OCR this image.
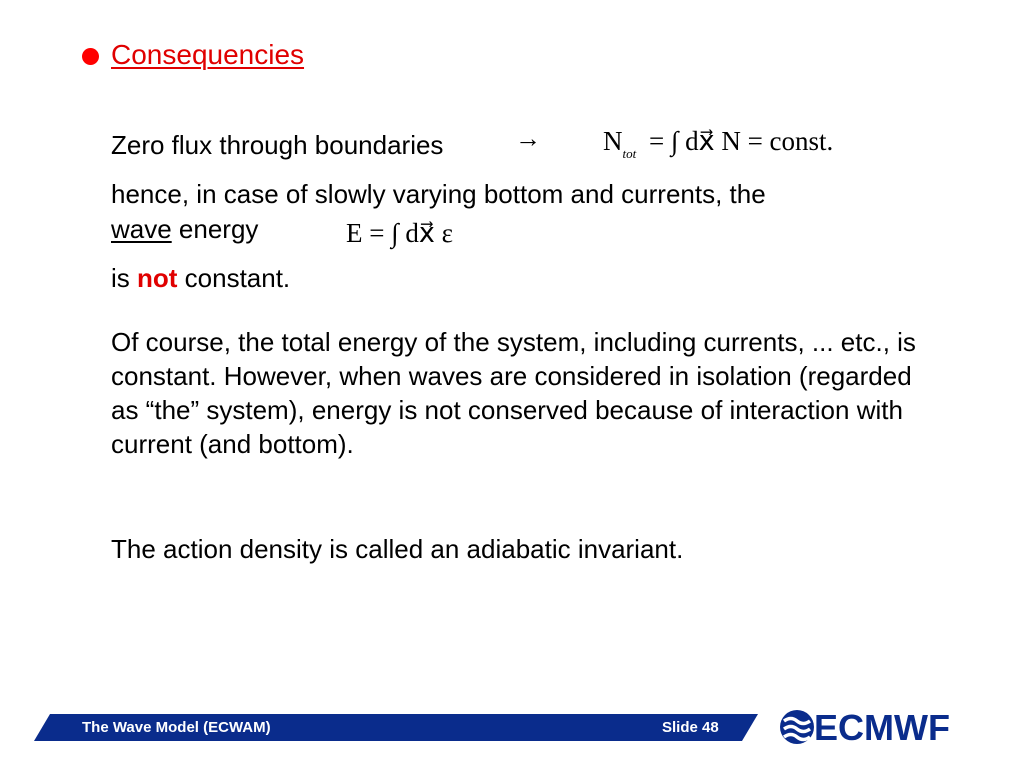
Consequencies

Zero flux through boundaries	→ $N_{tot}$ = ∫ dx⃗ N = const.

hence, in case of slowly varying bottom and currents, the

wave energy	E = ∫ dx⃗ ε

is not constant.

Of course, the total energy of the system, including currents, ... etc., is constant. However, when waves are considered in isolation (regarded as “the” system), energy is not conserved because of interaction with current (and bottom).

The action density is called an adiabatic invariant.

The Wave Model (ECWAM)	Slide 48	ECMWF
